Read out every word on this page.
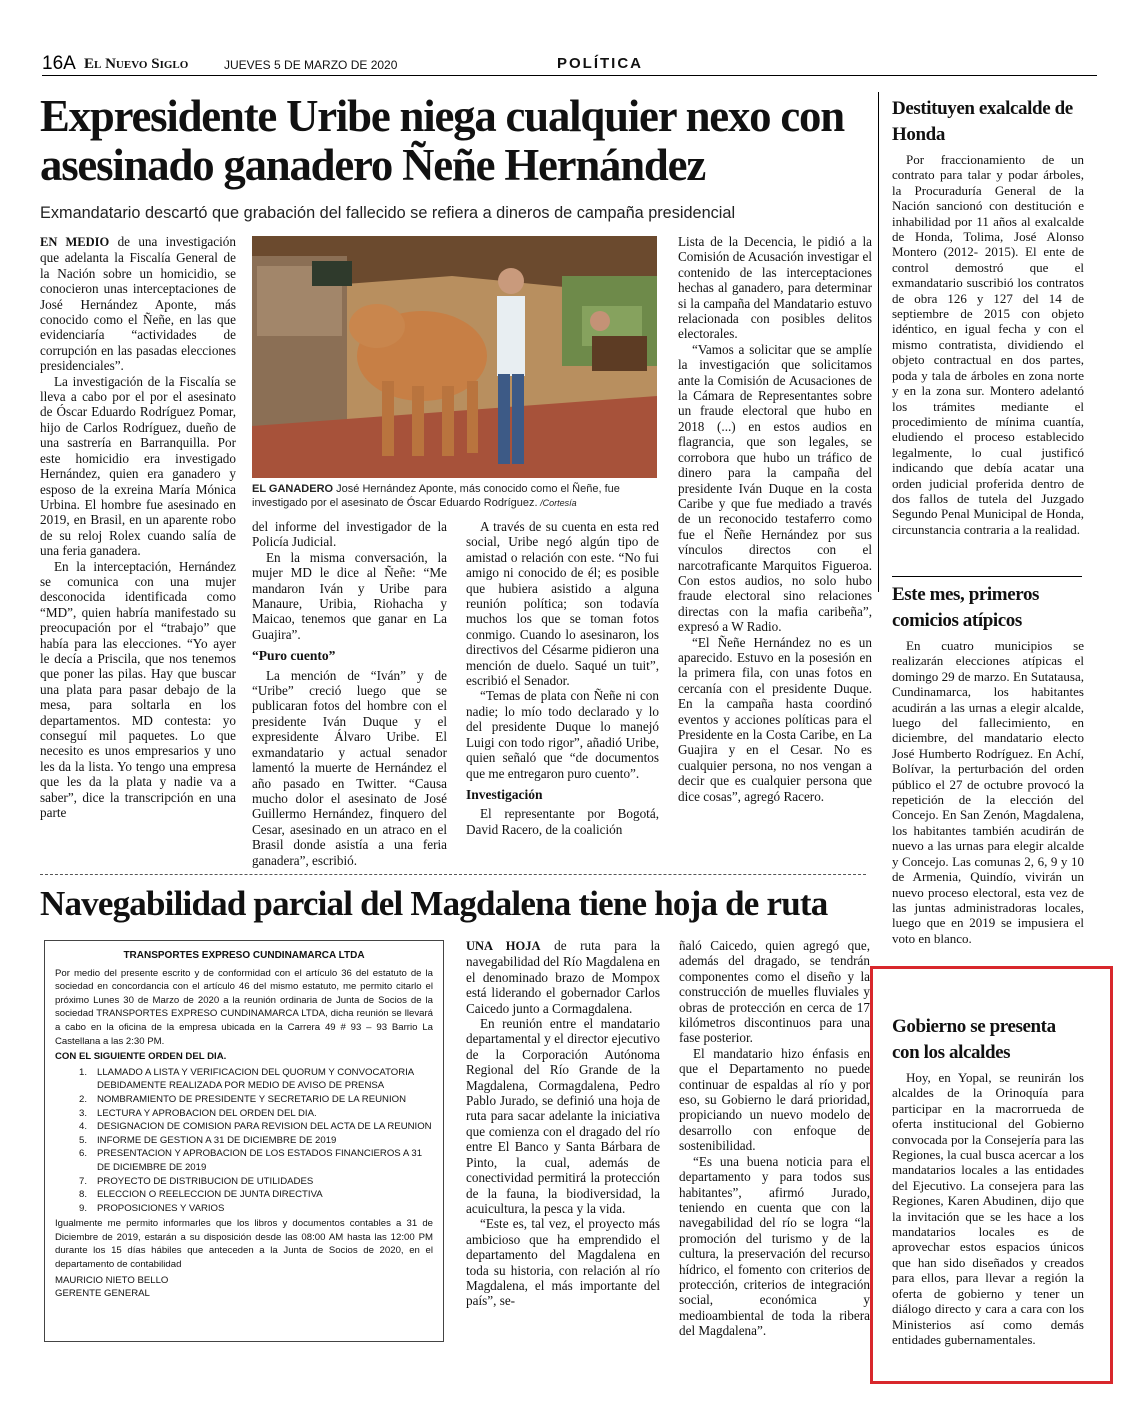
16A El Nuevo Siglo	JUEVES 5 DE MARZO DE 2020	POLÍTICA
Expresidente Uribe niega cualquier nexo con asesinado ganadero Ñeñe Hernández
Exmandatario descartó que grabación del fallecido se refiera a dineros de campaña presidencial

EN MEDIO de una investigación que adelanta la Fiscalía General de la Nación sobre un homicidio, se conocieron unas interceptaciones de José Hernández Aponte, más conocido como el Ñeñe, en las que evidenciaría “actividades de corrupción en las pasadas elecciones presidenciales”.

La investigación de la Fiscalía se lleva a cabo por el por el asesinato de Óscar Eduardo Rodríguez Pomar, hijo de Carlos Rodríguez, dueño de una sastrería en Barranquilla. Por este homicidio era investigado Hernández, quien era ganadero y esposo de la exreina María Mónica Urbina. El hombre fue asesinado en 2019, en Brasil, en un aparente robo de su reloj Rolex cuando salía de una feria ganadera.

En la interceptación, Hernández se comunica con una mujer desconocida identificada como “MD”, quien habría manifestado su preocupación por el “trabajo” que había para las elecciones. “Yo ayer le decía a Priscila, que nos tenemos que poner las pilas. Hay que buscar una plata para pasar debajo de la mesa, para soltarla en los departamentos. MD contesta: yo conseguí mil paquetes. Lo que necesito es unos empresarios y uno les da la lista. Yo tengo una empresa que les da la plata y nadie va a saber”, dice la transcripción en una parte

EL GANADERO José Hernández Aponte, más conocido como el Ñeñe, fue investigado por el asesinato de Óscar Eduardo Rodríguez. /Cortesía

del informe del investigador de la Policía Judicial.

En la misma conversación, la mujer MD le dice al Ñeñe: “Me mandaron Iván y Uribe para Manaure, Uribia, Riohacha y Maicao, tenemos que ganar en La Guajira”.

“Puro cuento”

La mención de “Iván” y de “Uribe” creció luego que se publicaran fotos del hombre con el presidente Iván Duque y el expresidente Álvaro Uribe. El exmandatario y actual senador lamentó la muerte de Hernández el año pasado en Twitter. “Causa mucho dolor el asesinato de José Guillermo Hernández, finquero del Cesar, asesinado en un atraco en el Brasil donde asistía a una feria ganadera”, escribió.

A través de su cuenta en esta red social, Uribe negó algún tipo de amistad o relación con este. “No fui amigo ni conocido de él; es posible que hubiera asistido a alguna reunión política; son todavía muchos los que se toman fotos conmigo. Cuando lo asesinaron, los directivos del Césarme pidieron una mención de duelo. Saqué un tuit”, escribió el Senador.

“Temas de plata con Ñeñe ni con nadie; lo mío todo declarado y lo del presidente Duque lo manejó Luigi con todo rigor”, añadió Uribe, quien señaló que “de documentos que me entregaron puro cuento”.

Investigación

El representante por Bogotá, David Racero, de la coalición

Lista de la Decencia, le pidió a la Comisión de Acusación investigar el contenido de las interceptaciones hechas al ganadero, para determinar si la campaña del Mandatario estuvo relacionada con posibles delitos electorales.

“Vamos a solicitar que se amplíe la investigación que solicitamos ante la Comisión de Acusaciones de la Cámara de Representantes sobre un fraude electoral que hubo en 2018 (...) en estos audios en flagrancia, que son legales, se corrobora que hubo un tráfico de dinero para la campaña del presidente Iván Duque en la costa Caribe y que fue mediado a través de un reconocido testaferro como fue el Ñeñe Hernández por sus vínculos directos con el narcotraficante Marquitos Figueroa. Con estos audios, no solo hubo fraude electoral sino relaciones directas con la mafia caribeña”, expresó a W Radio.

“El Ñeñe Hernández no es un aparecido. Estuvo en la posesión en la primera fila, con unas fotos en cercanía con el presidente Duque. En la campaña hasta coordinó eventos y acciones políticas para el Presidente en la Costa Caribe, en La Guajira y en el Cesar. No es cualquier persona, no nos vengan a decir que es cualquier persona que dice cosas”, agregó Racero.

Navegabilidad parcial del Magdalena tiene hoja de ruta
TRANSPORTES EXPRESO CUNDINAMARCA LTDA

Por medio del presente escrito y de conformidad con el artículo 36 del estatuto de la sociedad en concordancia con el artículo 46 del mismo estatuto, me permito citarlo el próximo Lunes 30 de Marzo de 2020 a la reunión ordinaria de Junta de Socios de la sociedad TRANSPORTES EXPRESO CUNDINAMARCA LTDA, dicha reunión se llevará a cabo en la oficina de la empresa ubicada en la Carrera 49 # 93 – 93 Barrio La Castellana a las 2:30 PM.

CON EL SIGUIENTE ORDEN DEL DIA.
1. LLAMADO A LISTA Y VERIFICACION DEL QUORUM Y CONVOCATORIA DEBIDAMENTE REALIZADA POR MEDIO DE AVISO DE PRENSA
2. NOMBRAMIENTO DE PRESIDENTE Y SECRETARIO DE LA REUNION
3. LECTURA Y APROBACION DEL ORDEN DEL DIA.
4. DESIGNACION DE COMISION PARA REVISION DEL ACTA DE LA REUNION
5. INFORME DE GESTION A 31 DE DICIEMBRE DE 2019
6. PRESENTACION Y APROBACION DE LOS ESTADOS FINANCIEROS A 31 DE DICIEMBRE DE 2019
7. PROYECTO DE DISTRIBUCION DE UTILIDADES
8. ELECCION O REELECCION DE JUNTA DIRECTIVA
9. PROPOSICIONES Y VARIOS

Igualmente me permito informarles que los libros y documentos contables a 31 de Diciembre de 2019, estarán a su disposición desde las 08:00 AM hasta las 12:00 PM durante los 15 días hábiles que anteceden a la Junta de Socios de 2020, en el departamento de contabilidad

MAURICIO NIETO BELLO
GERENTE GENERAL

UNA HOJA de ruta para la navegabilidad del Río Magdalena en el denominado brazo de Mompox está liderando el gobernador Carlos Caicedo junto a Cormagdalena.

En reunión entre el mandatario departamental y el director ejecutivo de la Corporación Autónoma Regional del Río Grande de la Magdalena, Cormagdalena, Pedro Pablo Jurado, se definió una hoja de ruta para sacar adelante la iniciativa que comienza con el dragado del río entre El Banco y Santa Bárbara de Pinto, la cual, además de conectividad permitirá la protección de la fauna, la biodiversidad, la acuicultura, la pesca y la vida.

“Este es, tal vez, el proyecto más ambicioso que ha emprendido el departamento del Magdalena en toda su historia, con relación al río Magdalena, el más importante del país”, se-

ñaló Caicedo, quien agregó que, además del dragado, se tendrán componentes como el diseño y la construcción de muelles fluviales y obras de protección en cerca de 17 kilómetros discontinuos para una fase posterior.

El mandatario hizo énfasis en que el Departamento no puede continuar de espaldas al río y por eso, su Gobierno le dará prioridad, propiciando un nuevo modelo de desarrollo con enfoque de sostenibilidad.

“Es una buena noticia para el departamento y para todos sus habitantes”, afirmó Jurado, teniendo en cuenta que con la navegabilidad del río se logra “la promoción del turismo y de la cultura, la preservación del recurso hídrico, el fomento con criterios de protección, criterios de integración social, económica y medioambiental de toda la ribera del Magdalena”.

Destituyen exalcalde de Honda

Por fraccionamiento de un contrato para talar y podar árboles, la Procuraduría General de la Nación sancionó con destitución e inhabilidad por 11 años al exalcalde de Honda, Tolima, José Alonso Montero (2012- 2015). El ente de control demostró que el exmandatario suscribió los contratos de obra 126 y 127 del 14 de septiembre de 2015 con objeto idéntico, en igual fecha y con el mismo contratista, dividiendo el objeto contractual en dos partes, poda y tala de árboles en zona norte y en la zona sur. Montero adelantó los trámites mediante el procedimiento de mínima cuantía, eludiendo el proceso establecido legalmente, lo cual justificó indicando que debía acatar una orden judicial proferida dentro de dos fallos de tutela del Juzgado Segundo Penal Municipal de Honda, circunstancia contraria a la realidad.

Este mes, primeros comicios atípicos

En cuatro municipios se realizarán elecciones atípicas el domingo 29 de marzo. En Sutatausa, Cundinamarca, los habitantes acudirán a las urnas a elegir alcalde, luego del fallecimiento, en diciembre, del mandatario electo José Humberto Rodríguez. En Achí, Bolívar, la perturbación del orden público el 27 de octubre provocó la repetición de la elección del Concejo. En San Zenón, Magdalena, los habitantes también acudirán de nuevo a las urnas para elegir alcalde y Concejo. Las comunas 2, 6, 9 y 10 de Armenia, Quindío, vivirán un nuevo proceso electoral, esta vez de las juntas administradoras locales, luego que en 2019 se impusiera el voto en blanco.

Gobierno se presenta con los alcaldes

Hoy, en Yopal, se reunirán los alcaldes de la Orinoquía para participar en la macrorrueda de oferta institucional del Gobierno convocada por la Consejería para las Regiones, la cual busca acercar a los mandatarios locales a las entidades del Ejecutivo. La consejera para las Regiones, Karen Abudinen, dijo que la invitación que se les hace a los mandatarios locales es de aprovechar estos espacios únicos que han sido diseñados y creados para ellos, para llevar a región la oferta de gobierno y tener un diálogo directo y cara a cara con los Ministerios así como demás entidades gubernamentales.
